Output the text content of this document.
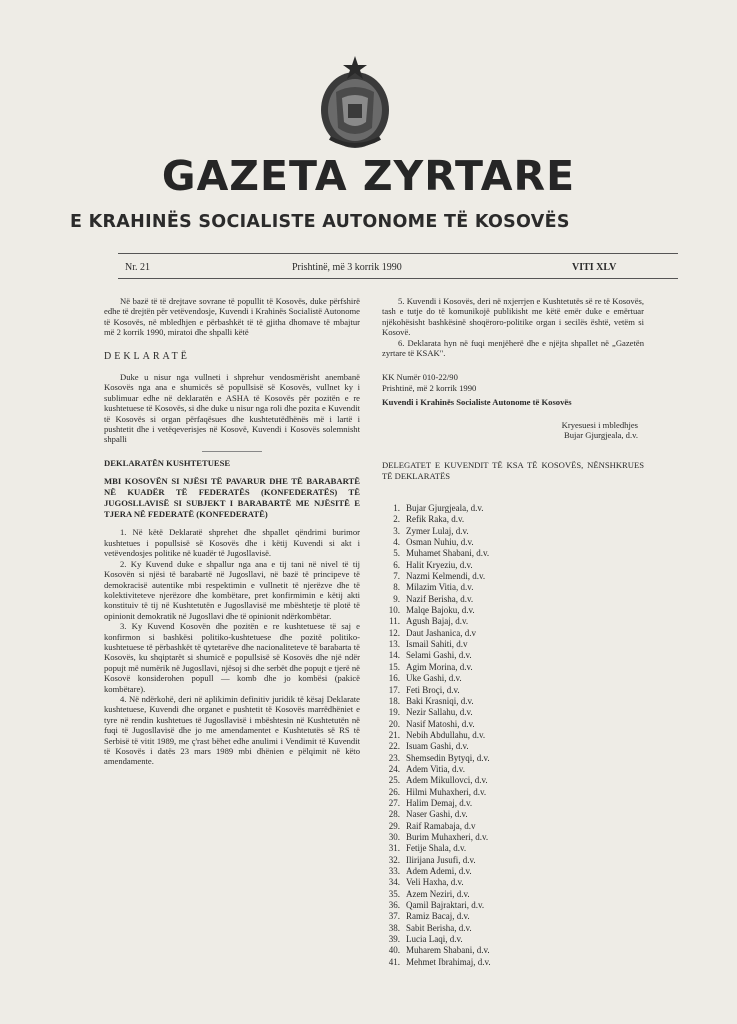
GAZETA ZYRTARE
E KRAHINËS SOCIALISTE AUTONOME TË KOSOVËS
Nr. 21	Prishtinë, më 3 korrik 1990	VITI XLV

Në bazë të të drejtave sovrane të popullit të Kosovës, duke përfshirë edhe të drejtën për vetëvendosje, Kuvendi i Krahinës Socialistë Autonome të Kosovës, në mbledhjen e përbashkët të të gjitha dhomave të mbajtur më 2 korrik 1990, miratoi dhe shpalli këtë

DEKLARATË

Duke u nisur nga vullneti i shprehur vendosmërisht anembanë Kosovës nga ana e shumicës së popullsisë së Kosovës, vullnet ky i sublimuar edhe në deklaratën e ASHA të Kosovës për pozitën e re kushtetuese të Kosovës, si dhe duke u nisur nga roli dhe pozita e Kuvendit të Kosovës si organ përfaqësues dhe kushtetutëdhënës më i lartë i pushtetit dhe i vetëqeverisjes në Kosovë, Kuvendi i Kosovës solemnisht shpalli

DEKLARATËN KUSHTETUESE

MBI KOSOVËN SI NJËSI TË PAVARUR DHE TË BARABARTË NË KUADËR TË FEDERATËS (KONFEDERATËS) TË JUGOSLLAVISË SI SUBJEKT I BARABARTË ME NJËSITË E TJERA NË FEDERATË (KONFEDERATË)

1. Në këtë Deklaratë shprehet dhe shpallet qëndrimi burimor kushtetues i popullsisë së Kosovës dhe i këtij Kuvendi si akt i vetëvendosjes politike në kuadër të Jugosllavisë.

2. Ky Kuvend duke e shpallur nga ana e tij tani në nivel të tij Kosovën si njësi të barabartë në Jugosllavi, në bazë të principeve të demokracisë autentike mbi respektimin e vullnetit të njerëzve dhe të kolektiviteteve njerëzore dhe kombëtare, pret konfirmimin e këtij akti konstituiv të tij në Kushtetutën e Jugosllavisë me mbështetje të plotë të opinionit demokratik në Jugosllavi dhe të opinionit ndërkombëtar.

3. Ky Kuvend Kosovën dhe pozitën e re kushtetuese të saj e konfirmon si bashkësi politiko-kushtetuese dhe pozitë politiko-kushtetuese të përbashkët të qytetarëve dhe nacionaliteteve të barabarta të Kosovës, ku shqiptarët si shumicë e popullsisë së Kosovës dhe një ndër popujt më numërik në Jugosllavi, njësoj si dhe serbët dhe popujt e tjerë në Kosovë konsiderohen popull — komb dhe jo kombësi (pakicë kombëtare).

4. Në ndërkohë, deri në aplikimin definitiv juridik të kësaj Deklarate kushtetuese, Kuvendi dhe organet e pushtetit të Kosovës marrëdhëniet e tyre në rendin kushtetues të Jugosllavisë i mbështesin në Kushtetutën në fuqi të Jugosllavisë dhe jo me amendamentet e Kushtetutës së RS të Serbisë të vitit 1989, me ç'rast bëhet edhe anulimi i Vendimit të Kuvendit të Kosovës i datës 23 mars 1989 mbi dhënien e pëlqimit në këto amendamente.

5. Kuvendi i Kosovës, deri në nxjerrjen e Kushtetutës së re të Kosovës, tash e tutje do të komunikojë publikisht me këtë emër duke e emërtuar njëkohësisht bashkësinë shoqëroro-politike organ i secilës është, vetëm si Kosovë.

6. Deklarata hyn në fuqi menjëherë dhe e njëjta shpallet në „Gazetën zyrtare të KSAK".

KK Numër 010-22/90

Prishtinë, më 2 korrik 1990

Kuvendi i Krahinës Socialiste Autonome të Kosovës

Kryesuesi i mbledhjes

Bujar Gjurgjeala, d.v.

DELEGATET E KUVENDIT TË KSA TË KOSOVËS, NËNSHKRUES TË DEKLARATËS

1. Bujar Gjurgjeala, d.v.
2. Refik Raka, d.v.
3. Zymer Lulaj, d.v.
4. Osman Nuhiu, d.v.
5. Muhamet Shabani, d.v.
6. Halit Kryeziu, d.v.
7. Nazmi Kelmendi, d.v.
8. Milazim Vitia, d.v.
9. Nazif Berisha, d.v.
10. Malqe Bajoku, d.v.
11. Agush Bajaj, d.v.
12. Daut Jashanica, d.v
13. Ismail Sahiti, d.v
14. Selami Gashi, d.v.
15. Agim Morina, d.v.
16. Uke Gashi, d.v.
17. Feti Broçi, d.v.
18. Baki Krasniqi, d.v.
19. Nezir Sallahu, d.v.
20. Nasif Matoshi, d.v.
21. Nebih Abdullahu, d.v.
22. Isuam Gashi, d.v.
23. Shemsedin Bytyqi, d.v.
24. Adem Vitia, d.v.
25. Adem Mikullovci, d.v.
26. Hilmi Muhaxheri, d.v.
27. Halim Demaj, d.v.
28. Naser Gashi, d.v.
29. Raif Ramabaja, d.v
30. Burim Muhaxheri, d.v.
31. Fetije Shala, d.v.
32. Ilirijana Jusufi, d.v.
33. Adem Ademi, d.v.
34. Veli Haxha, d.v.
35. Azem Neziri, d.v.
36. Qamil Bajraktari, d.v.
37. Ramiz Bacaj, d.v.
38. Sabit Berisha, d.v.
39. Lucia Laqi, d.v.
40. Muharem Shabani, d.v.
41. Mehmet Ibrahimaj, d.v.
